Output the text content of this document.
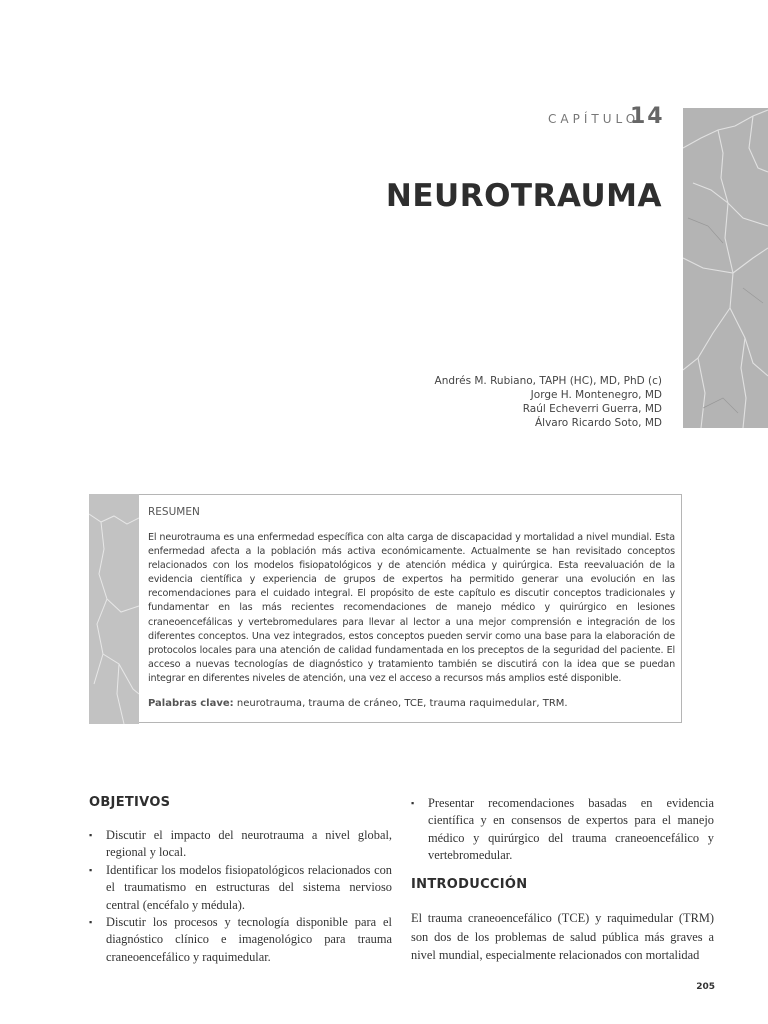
CAPÍTULO
14
NEUROTRAUMA
Andrés M. Rubiano, TAPH (HC), MD, PhD (c)
Jorge H. Montenegro, MD
Raúl Echeverri Guerra, MD
Álvaro Ricardo Soto, MD
RESUMEN
El neurotrauma es una enfermedad específica con alta carga de discapacidad y mortalidad a nivel mundial. Esta enfermedad afecta a la población más activa económicamente. Actualmente se han revisitado conceptos relacionados con los modelos fisiopatológicos y de atención médica y quirúrgica. Esta reevaluación de la evidencia científica y experiencia de grupos de expertos ha permitido generar una evolución en las recomendaciones para el cuidado integral. El propósito de este capítulo es discutir conceptos tradicionales y fundamentar en las más recientes recomendaciones de manejo médico y quirúrgico en lesiones craneoencefálicas y vertebromedulares para llevar al lector a una mejor comprensión e integración de los diferentes conceptos. Una vez integrados, estos conceptos pueden servir como una base para la elaboración de protocolos locales para una atención de calidad fundamentada en los preceptos de la seguridad del paciente. El acceso a nuevas tecnologías de diagnóstico y tratamiento también se discutirá con la idea que se puedan integrar en diferentes niveles de atención, una vez el acceso a recursos más amplios esté disponible.
Palabras clave: neurotrauma, trauma de cráneo, TCE, trauma raquimedular, TRM.
OBJETIVOS
▪ Discutir el impacto del neurotrauma a nivel global, regional y local.
▪ Identificar los modelos fisiopatológicos relacionados con el traumatismo en estructuras del sistema nervioso central (encéfalo y médula).
▪ Discutir los procesos y tecnología disponible para el diagnóstico clínico e imagenológico para trauma craneoencefálico y raquimedular.
▪ Presentar recomendaciones basadas en evidencia científica y en consensos de expertos para el manejo médico y quirúrgico del trauma craneoencefálico y vertebromedular.
INTRODUCCIÓN

El trauma craneoencefálico (TCE) y raquimedular (TRM) son dos de los problemas de salud pública más graves a nivel mundial, especialmente relacionados con mortalidad

205
